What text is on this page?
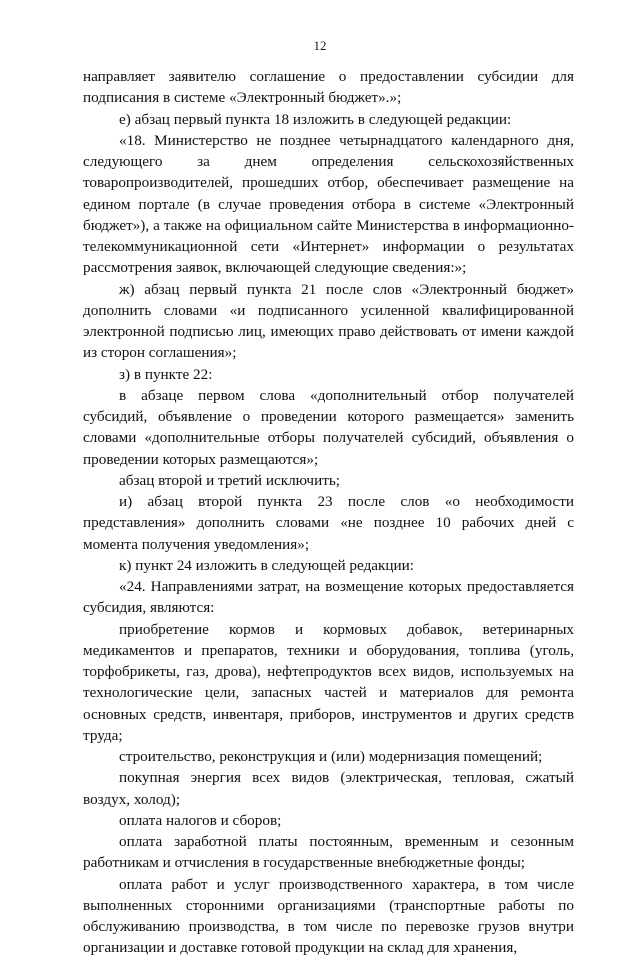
12

направляет заявителю соглашение о предоставлении субсидии для подписания в системе «Электронный бюджет».»;

е) абзац первый пункта 18 изложить в следующей редакции:

«18. Министерство не позднее четырнадцатого календарного дня, следующего за днем определения сельскохозяйственных товаропроизводителей, прошедших отбор, обеспечивает размещение на едином портале (в случае проведения отбора в системе «Электронный бюджет»), а также на официальном сайте Министерства в информационно-телекоммуникационной сети «Интернет» информации о результатах рассмотрения заявок, включающей следующие сведения:»;

ж) абзац первый пункта 21 после слов «Электронный бюджет» дополнить словами «и подписанного усиленной квалифицированной электронной подписью лиц, имеющих право действовать от имени каждой из сторон соглашения»;

з) в пункте 22:

в абзаце первом слова «дополнительный отбор получателей субсидий, объявление о проведении которого размещается» заменить словами «дополнительные отборы получателей субсидий, объявления о проведении которых размещаются»;

абзац второй и третий исключить;

и) абзац второй пункта 23 после слов «о необходимости представления» дополнить словами «не позднее 10 рабочих дней с момента получения уведомления»;

к) пункт 24 изложить в следующей редакции:

«24. Направлениями затрат, на возмещение которых предоставляется субсидия, являются:

приобретение кормов и кормовых добавок, ветеринарных медикаментов и препаратов, техники и оборудования, топлива (уголь, торфобрикеты, газ, дрова), нефтепродуктов всех видов, используемых на технологические цели, запасных частей и материалов для ремонта основных средств, инвентаря, приборов, инструментов и других средств труда;

строительство, реконструкция и (или) модернизация помещений;

покупная энергия всех видов (электрическая, тепловая, сжатый воздух, холод);

оплата налогов и сборов;

оплата заработной платы постоянным, временным и сезонным работникам и отчисления в государственные внебюджетные фонды;

оплата работ и услуг производственного характера, в том числе выполненных сторонними организациями (транспортные работы по обслуживанию производства, в том числе по перевозке грузов внутри организации и доставке готовой продукции на склад для хранения,
